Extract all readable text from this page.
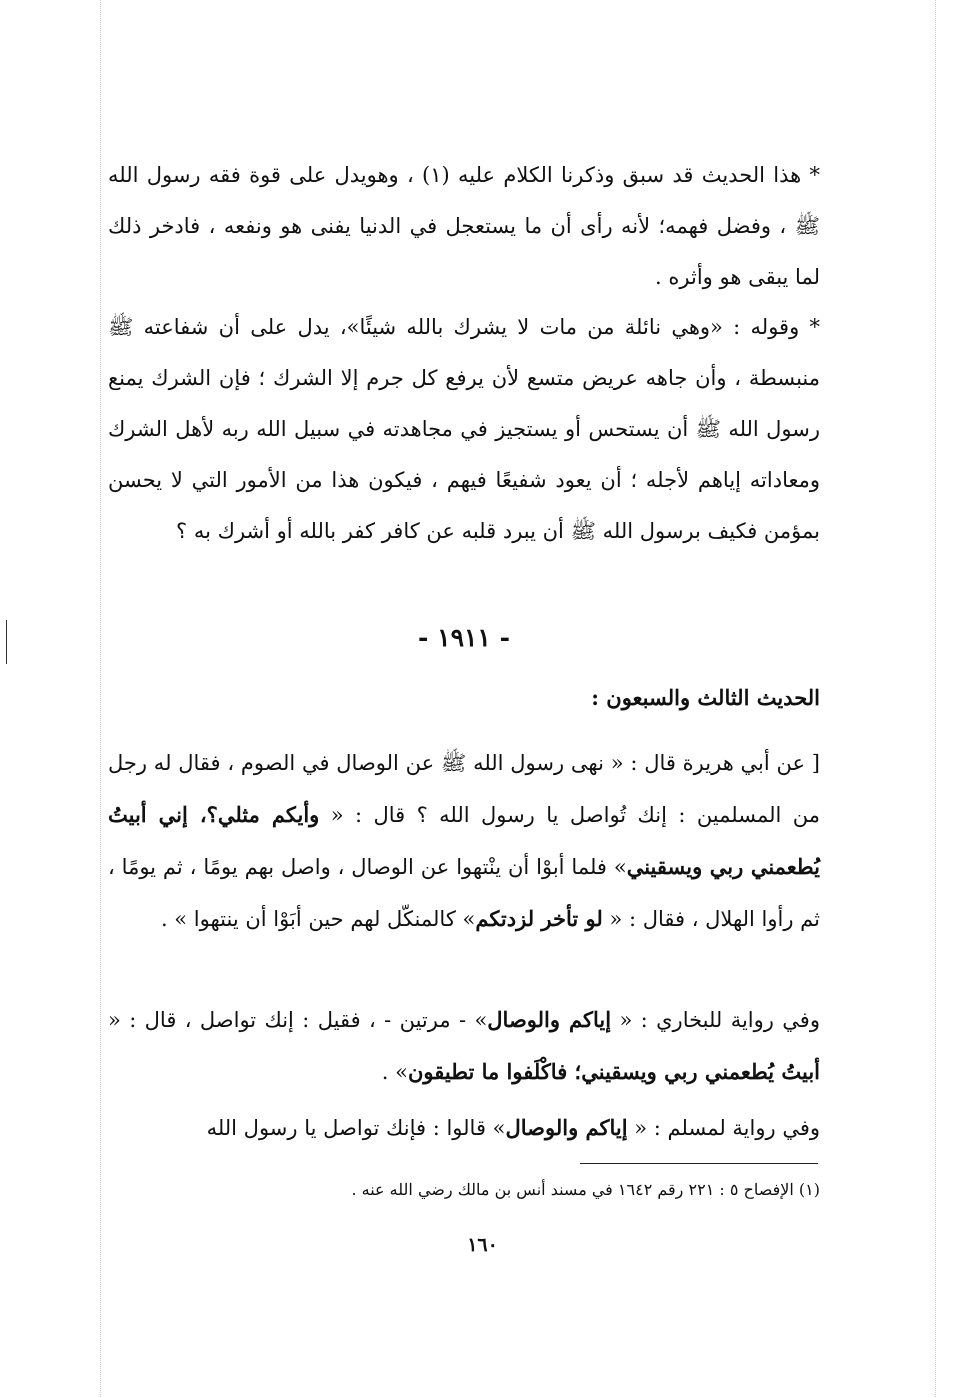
* هذا الحديث قد سبق وذكرنا الكلام عليه (١) ، وهويدل على قوة فقه رسول الله ﷺ ، وفضل فهمه؛ لأنه رأى أن ما يستعجل في الدنيا يفنى هو ونفعه ، فادخر ذلك لما يبقى هو وأثره .

* وقوله : «وهي نائلة من مات لا يشرك بالله شيئًا»، يدل على أن شفاعته ﷺ منبسطة ، وأن جاهه عريض متسع لأن يرفع كل جرم إلا الشرك ؛ فإن الشرك يمنع رسول الله ﷺ أن يستحس أو يستجيز في مجاهدته في سبيل الله ربه لأهل الشرك ومعاداته إياهم لأجله ؛ أن يعود شفيعًا فيهم ، فيكون هذا من الأمور التي لا يحسن بمؤمن فكيف برسول الله ﷺ أن يبرد قلبه عن كافر كفر بالله أو أشرك به ؟

- ١٩١١ -
الحديث الثالث والسبعون :

[ عن أبي هريرة قال : « نهى رسول الله ﷺ عن الوصال في الصوم ، فقال له رجل من المسلمين : إنك تُواصل يا رسول الله ؟ قال : « وأيكم مثلي؟، إني أبيتُ يُطعمني ربي ويسقيني» فلما أبوْا أن ينْتهوا عن الوصال ، واصل بهم يومًا ، ثم يومًا ، ثم رأوا الهلال ، فقال : « لو تأخر لزدتكم» كالمنكّل لهم حين أبَوْا أن ينتهوا » .

وفي رواية للبخاري : « إياكم والوصال» - مرتين - ، فقيل : إنك تواصل ، قال : « أبيتُ يُطعمني ربي ويسقيني؛ فاكْلَفوا ما تطيقون» .

وفي رواية لمسلم : « إياكم والوصال» قالوا : فإنك تواصل يا رسول الله

(١) الإفصاح ٥ : ٢٢١ رقم ١٦٤٢ في مسند أنس بن مالك رضي الله عنه .
١٦٠
